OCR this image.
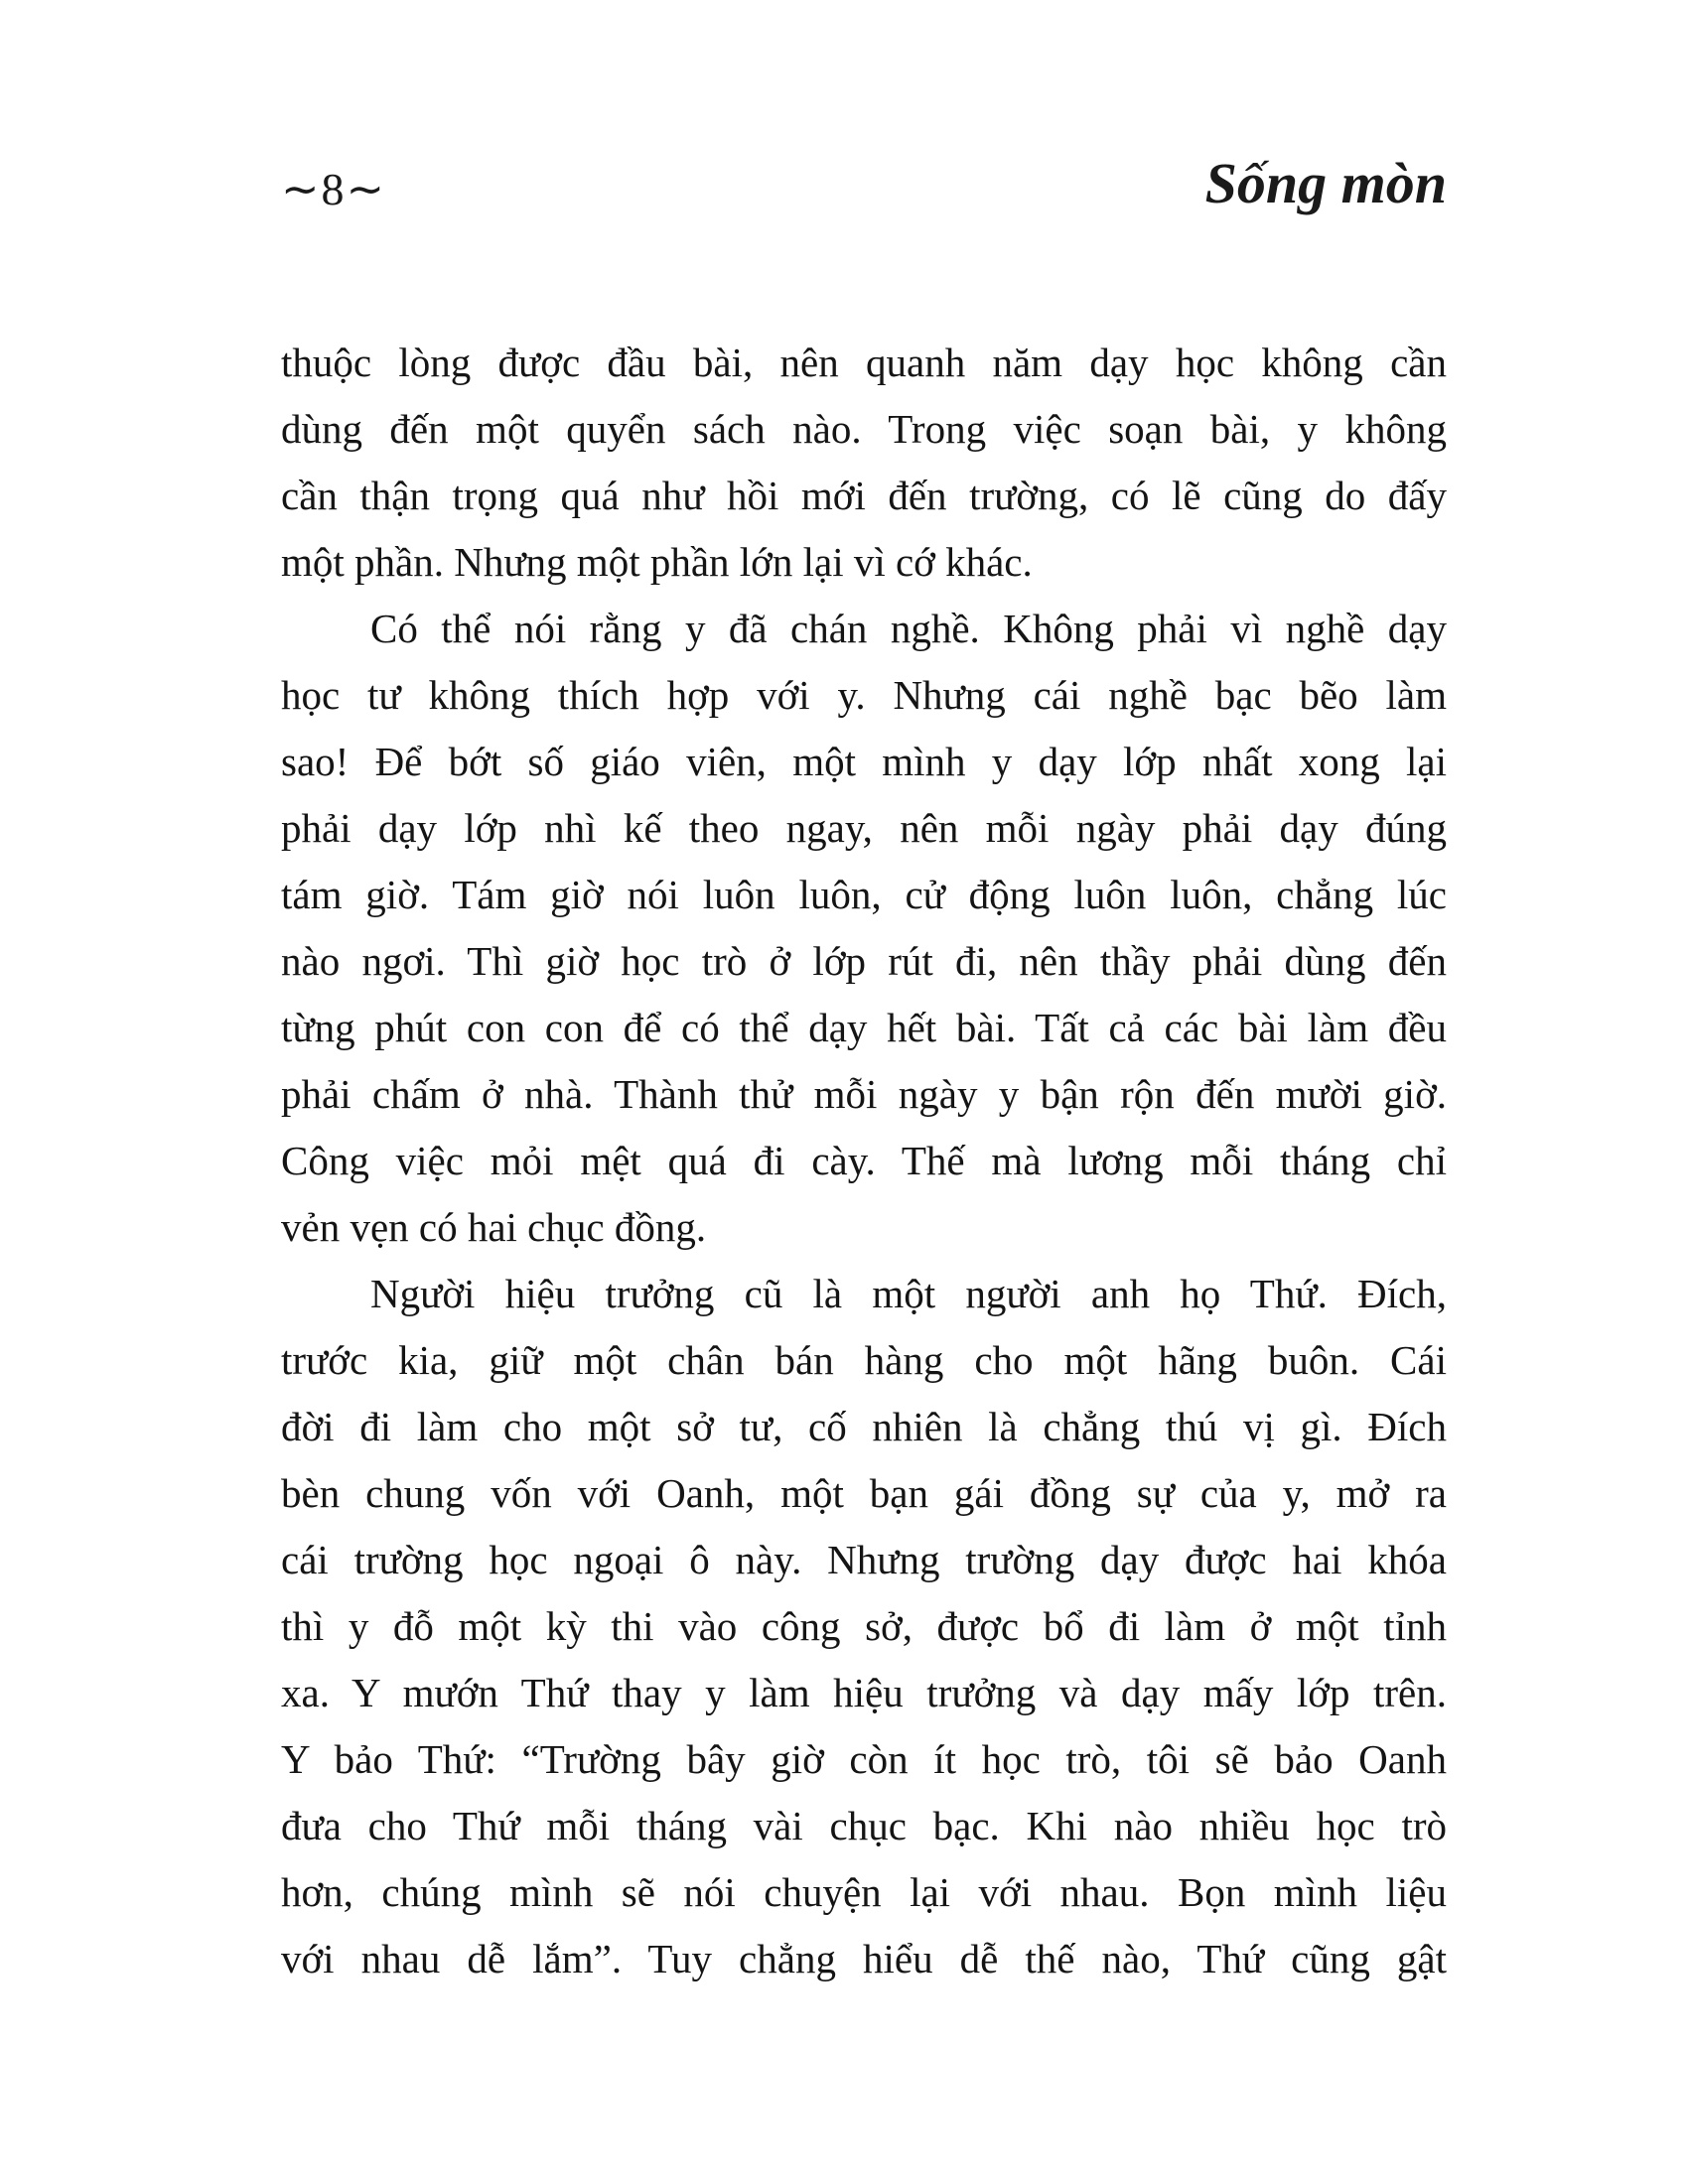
∼8∼	Sống mòn

thuộc lòng được đầu bài, nên quanh năm dạy học không cần
dùng đến một quyển sách nào. Trong việc soạn bài, y không
cần thận trọng quá như hồi mới đến trường, có lẽ cũng do đấy
một phần. Nhưng một phần lớn lại vì cớ khác.

Có thể nói rằng y đã chán nghề. Không phải vì nghề dạy
học tư không thích hợp với y. Nhưng cái nghề bạc bẽo làm
sao! Để bớt số giáo viên, một mình y dạy lớp nhất xong lại
phải dạy lớp nhì kế theo ngay, nên mỗi ngày phải dạy đúng
tám giờ. Tám giờ nói luôn luôn, cử động luôn luôn, chẳng lúc
nào ngơi. Thì giờ học trò ở lớp rút đi, nên thầy phải dùng đến
từng phút con con để có thể dạy hết bài. Tất cả các bài làm đều
phải chấm ở nhà. Thành thử mỗi ngày y bận rộn đến mười giờ.
Công việc mỏi mệt quá đi cày. Thế mà lương mỗi tháng chỉ
vẻn vẹn có hai chục đồng.

Người hiệu trưởng cũ là một người anh họ Thứ. Đích,
trước kia, giữ một chân bán hàng cho một hãng buôn. Cái
đời đi làm cho một sở tư, cố nhiên là chẳng thú vị gì. Đích
bèn chung vốn với Oanh, một bạn gái đồng sự của y, mở ra
cái trường học ngoại ô này. Nhưng trường dạy được hai khóa
thì y đỗ một kỳ thi vào công sở, được bổ đi làm ở một tỉnh
xa. Y mướn Thứ thay y làm hiệu trưởng và dạy mấy lớp trên.
Y bảo Thứ: “Trường bây giờ còn ít học trò, tôi sẽ bảo Oanh
đưa cho Thứ mỗi tháng vài chục bạc. Khi nào nhiều học trò
hơn, chúng mình sẽ nói chuyện lại với nhau. Bọn mình liệu
với nhau dễ lắm”. Tuy chẳng hiểu dễ thế nào, Thứ cũng gật
